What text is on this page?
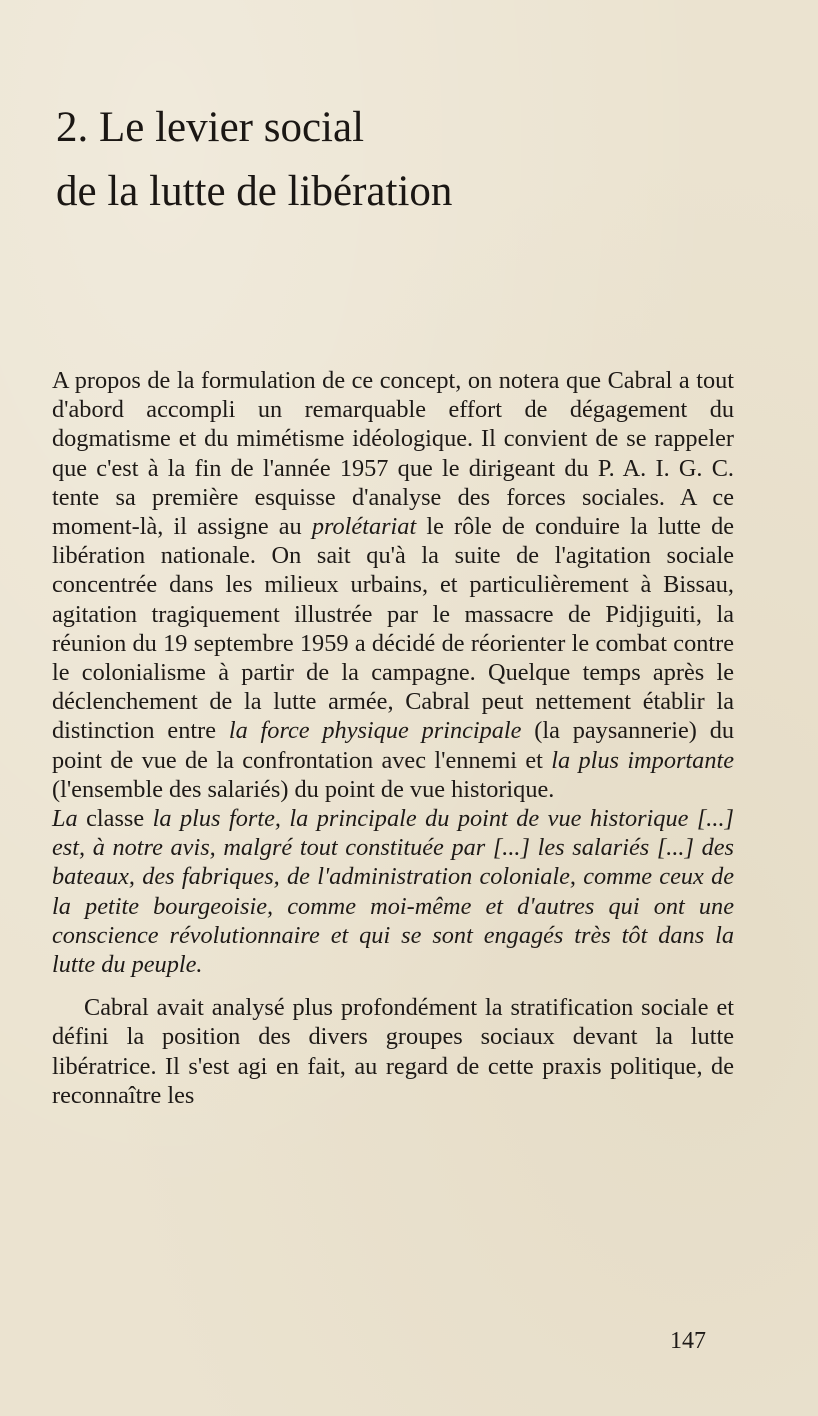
2. Le levier social
de la lutte de libération

A propos de la formulation de ce concept, on notera que Cabral a tout d'abord accompli un remarquable effort de dégagement du dogmatisme et du mimétisme idéologique. Il convient de se rappeler que c'est à la fin de l'année 1957 que le dirigeant du P. A. I. G. C. tente sa première esquisse d'analyse des forces sociales. A ce moment-là, il assigne au prolétariat le rôle de conduire la lutte de libération nationale. On sait qu'à la suite de l'agitation sociale concentrée dans les milieux urbains, et particulièrement à Bissau, agitation tragiquement illustrée par le massacre de Pidjiguiti, la réunion du 19 septembre 1959 a décidé de réorienter le combat contre le colonialisme à partir de la campagne. Quelque temps après le déclenchement de la lutte armée, Cabral peut nettement établir la distinction entre la force physique principale (la paysannerie) du point de vue de la confrontation avec l'ennemi et la plus importante (l'ensemble des salariés) du point de vue historique.

La classe la plus forte, la principale du point de vue historique [...] est, à notre avis, malgré tout constituée par [...] les salariés [...] des bateaux, des fabriques, de l'administration coloniale, comme ceux de la petite bourgeoisie, comme moi-même et d'autres qui ont une conscience révolutionnaire et qui se sont engagés très tôt dans la lutte du peuple.

Cabral avait analysé plus profondément la stratification sociale et défini la position des divers groupes sociaux devant la lutte libératrice. Il s'est agi en fait, au regard de cette praxis politique, de reconnaître les

147
